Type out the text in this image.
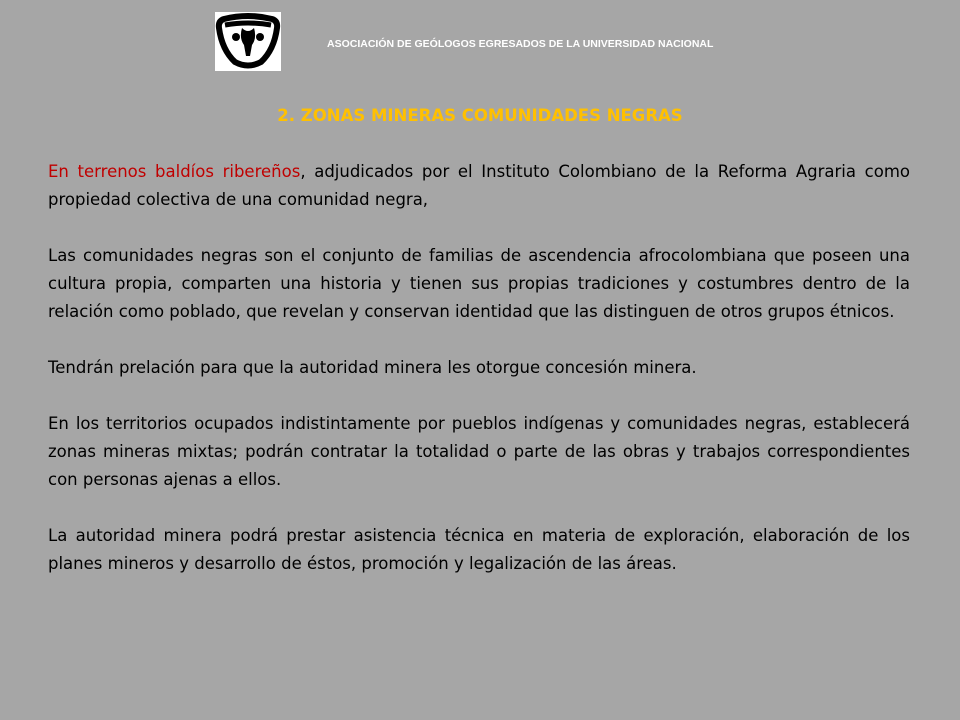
ASOCIACIÓN DE GEÓLOGOS EGRESADOS DE LA UNIVERSIDAD NACIONAL
2. ZONAS MINERAS COMUNIDADES NEGRAS

En terrenos baldíos ribereños, adjudicados por el Instituto Colombiano de la Reforma Agraria como propiedad colectiva de una comunidad negra,

Las comunidades negras son el conjunto de familias de ascendencia afrocolombiana que poseen una cultura propia, comparten una historia y tienen sus propias tradiciones y costumbres dentro de la relación como poblado, que revelan y conservan identidad que las distinguen de otros grupos étnicos.

Tendrán prelación para que la autoridad minera les otorgue concesión minera.

En los territorios ocupados indistintamente por pueblos indígenas y comunidades negras, establecerá zonas mineras mixtas; podrán contratar la totalidad o parte de las obras y trabajos correspondientes con personas ajenas a ellos.

La autoridad minera podrá prestar asistencia técnica en materia de exploración, elaboración de los planes mineros y desarrollo de éstos, promoción y legalización de las áreas.
